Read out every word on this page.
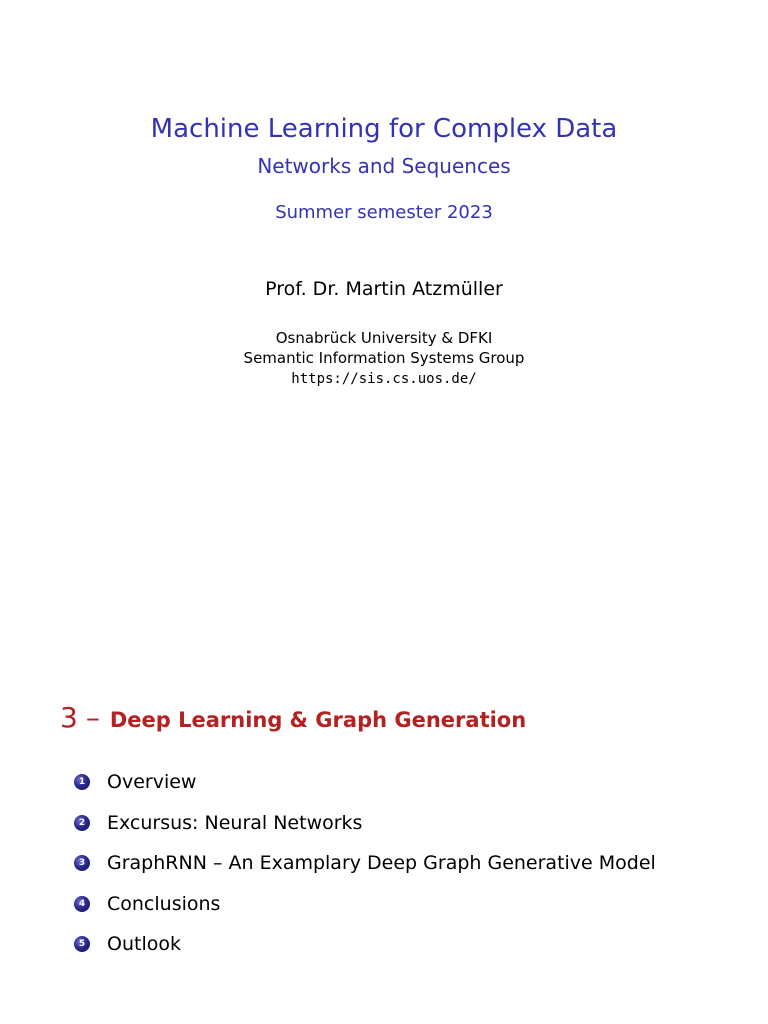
Machine Learning for Complex Data
Networks and Sequences
Summer semester 2023
Prof. Dr. Martin Atzmüller
Osnabrück University & DFKI
Semantic Information Systems Group
https://sis.cs.uos.de/
3 – Deep Learning & Graph Generation
1 Overview
2 Excursus: Neural Networks
3 GraphRNN – An Examplary Deep Graph Generative Model
4 Conclusions
5 Outlook
